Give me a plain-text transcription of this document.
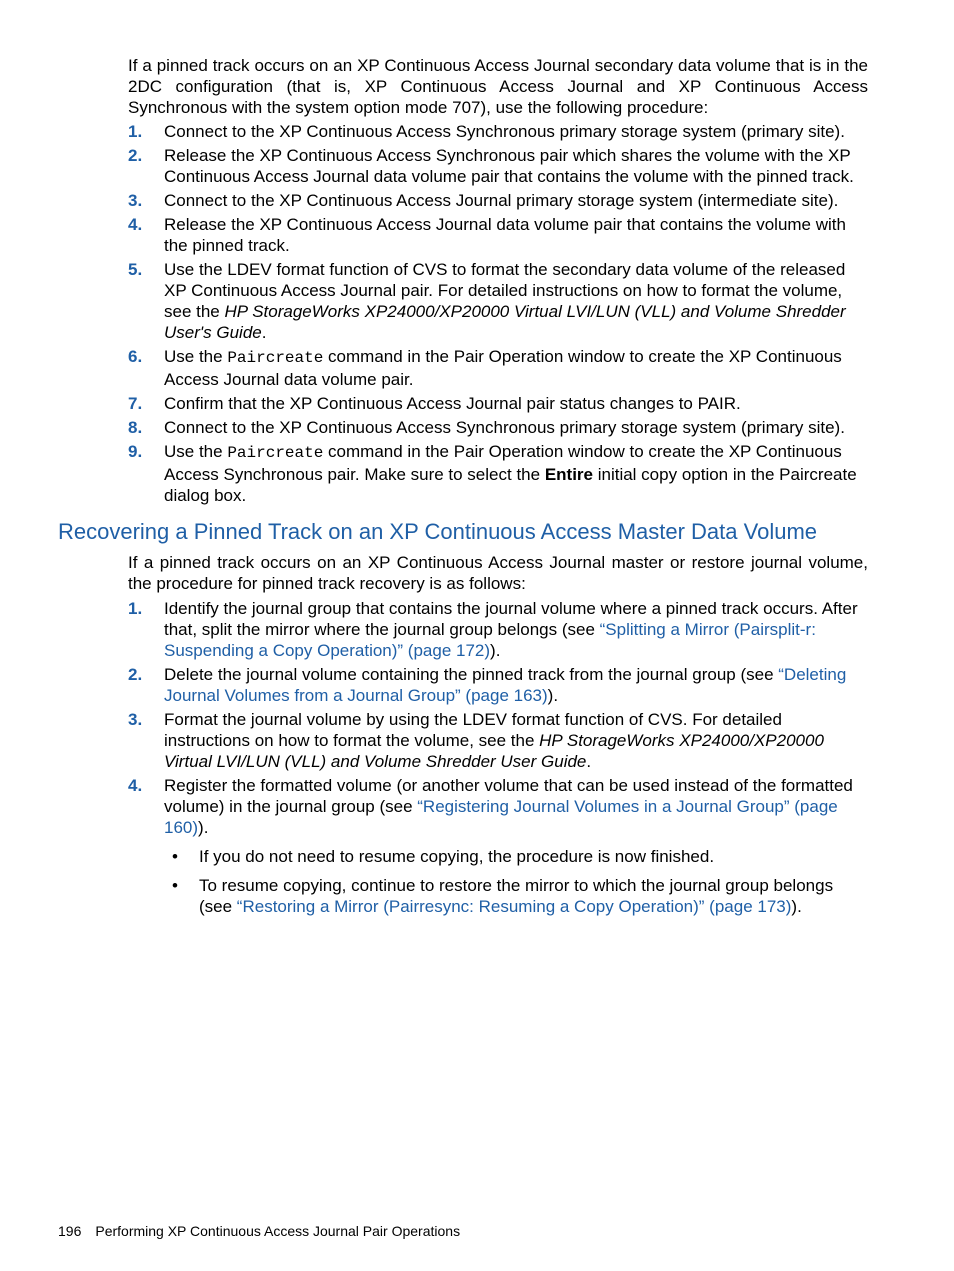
If a pinned track occurs on an XP Continuous Access Journal secondary data volume that is in the 2DC configuration (that is, XP Continuous Access Journal and XP Continuous Access Synchronous with the system option mode 707), use the following procedure:

1. Connect to the XP Continuous Access Synchronous primary storage system (primary site).
2. Release the XP Continuous Access Synchronous pair which shares the volume with the XP Continuous Access Journal data volume pair that contains the volume with the pinned track.
3. Connect to the XP Continuous Access Journal primary storage system (intermediate site).
4. Release the XP Continuous Access Journal data volume pair that contains the volume with the pinned track.
5. Use the LDEV format function of CVS to format the secondary data volume of the released XP Continuous Access Journal pair. For detailed instructions on how to format the volume, see the HP StorageWorks XP24000/XP20000 Virtual LVI/LUN (VLL) and Volume Shredder User's Guide.
6. Use the Paircreate command in the Pair Operation window to create the XP Continuous Access Journal data volume pair.
7. Confirm that the XP Continuous Access Journal pair status changes to PAIR.
8. Connect to the XP Continuous Access Synchronous primary storage system (primary site).
9. Use the Paircreate command in the Pair Operation window to create the XP Continuous Access Synchronous pair. Make sure to select the Entire initial copy option in the Paircreate dialog box.
Recovering a Pinned Track on an XP Continuous Access Master Data Volume

If a pinned track occurs on an XP Continuous Access Journal master or restore journal volume, the procedure for pinned track recovery is as follows:

1. Identify the journal group that contains the journal volume where a pinned track occurs. After that, split the mirror where the journal group belongs (see “Splitting a Mirror (Pairsplit-r: Suspending a Copy Operation)” (page 172)).
2. Delete the journal volume containing the pinned track from the journal group (see “Deleting Journal Volumes from a Journal Group” (page 163)).
3. Format the journal volume by using the LDEV format function of CVS. For detailed instructions on how to format the volume, see the HP StorageWorks XP24000/XP20000 Virtual LVI/LUN (VLL) and Volume Shredder User Guide.
4. Register the formatted volume (or another volume that can be used instead of the formatted volume) in the journal group (see “Registering Journal Volumes in a Journal Group” (page 160)).
• If you do not need to resume copying, the procedure is now finished.
• To resume copying, continue to restore the mirror to which the journal group belongs (see “Restoring a Mirror (Pairresync: Resuming a Copy Operation)” (page 173)).
196 Performing XP Continuous Access Journal Pair Operations
